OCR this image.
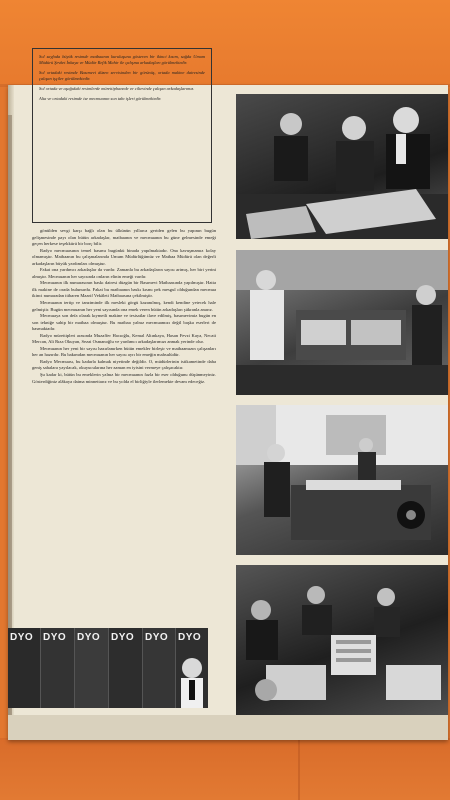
Sol sayfada büyük resimde matbaanın kuruluşunu gösteren bir ikinci kısım, sağda Umum Müdürü Şevket İnkaya ve Müdür Refik Mahir ile çalışma arkadaşları görülmektedir.

Sol ortadaki resimde Basımevi düzen servisinden bir görünüş, ortada makine dairesinde çalışan işçiler görülmektedir.

Sol ortada ve aşağıdaki resimlerde mürettiphanede ve ciltevinde çalışan arkadaşlarımız.

Alta ve ortadaki resimde ise mecmuanın son tabı işleri görülmektedir.

gönülden sevgi karşı bağlı olan bu ülkünün yıllarca geriden gelen bu yapının bugün gelişmesinde payı olan bütün arkadaşlar, matbaanın ve mecmuanın bu güne gelmesinde emeği geçen herkese teşekkürü bir borç bilir.

Radyo mecmuasının temel basımı bugünkü binada yapılmaktadır. Ona kavuşmamız kolay olmamıştır. Matbaanın bu çalışmalarında Umum Müdürlüğümüz ve Matbaa Müdürü olan değerli arkadaşların büyük yardımları olmuştur.

Fakat ona yardımcı arkadaşlar da vardır. Zamanla bu arkadaşların sayısı artmış, her biri yerini almıştır. Mecmuanın her sayısında onların elinin emeği vardır.

Mecmuanın ilk numarasının baskı dairesi düzgün bir Basımevi Matbaasında yapılmıştır. Hatta ilk makine de orada bulunurdu. Fakat bu matbaanın baskı kısmı pek mesgul olduğundan mecmua ikinci numaradan itibaren Maarif Vekâleti Matbaasına çekilmiştir.

Mecmuanın tertip ve tanziminde ilk mesleki görgü kazanılmış, kendi kendine yetecek hale gelmiştir. Bugün mecmuanın her yeni sayısında ona emek veren bütün arkadaşları şükranla anarız.

Mecmuaya son defa olarak kıymetli makine ve tesisatlar ilave edilmiş, basımevimiz bugün en son tekniğe sahip bir matbaa olmuştur. Bu matbaa yalnız mecmuamızı değil başka eserleri de basmaktadır.

Radyo mürettipleri arasında Muzaffer Hacıoğlu, Kemal Altınkaya, Hasan Fevzi Kaya, Necati Mercan, Ali Rıza Okuyan, Sezai Osmanoğlu ve yardımcı arkadaşlarımızı anmak yerinde olur.

Mecmuanın her yeni bir sayısı hazırlanırken bütün emekler birleşir ve matbaamızın çalışanları her an hazırdır. Bu bakımdan mecmuanın her sayısı ayrı bir emeğin mahsulüdür.

Radyo Mecmuası, bu kadarla kalmak niyetinde değildir. O, müdürlerinin istikametinde daha geniş sahalara yayılacak, okuyucularına her zaman en iyisini vermeye çalışacaktır.

Şu kadar ki, bütün bu emeklerin yalnız bir mecmuanın fazla bir eser olduğunu düşünmeyiniz. Gösterdiğiniz alâkaya daima minnettarız ve bu yolda el birliğiyle ilerlemekte devam edeceğiz.

DYO DYO DYO DYO DYO DYO
